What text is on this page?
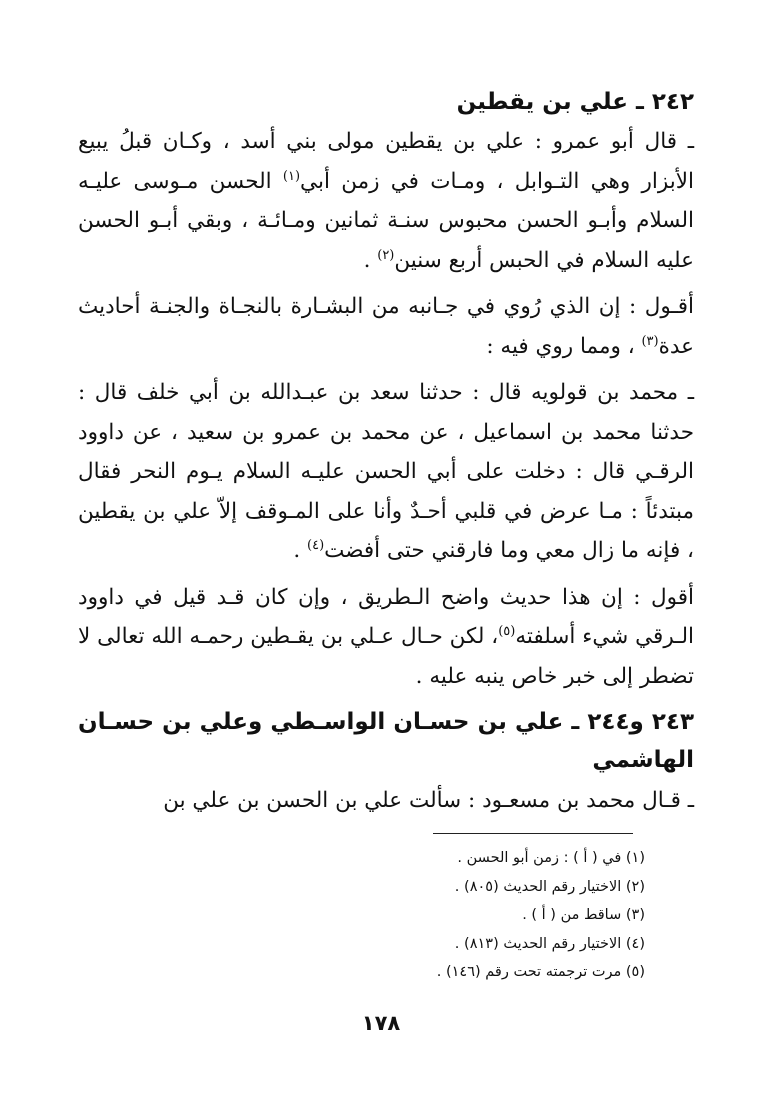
٢٤٢ ـ علي بن يقطين

ـ قال أبو عمرو : علي بن يقطين مولى بني أسد ، وكـان قبلُ يبيع الأبزار وهي التـوابل ، ومـات في زمن أبي$^{(١)}$ الحسن مـوسى عليـه السلام وأبـو الحسن محبوس سنـة ثمانين ومـائـة ، وبقي أبـو الحسن عليه السلام في الحبس أربع سنين$^{(٢)}$ .

أقـول : إن الذي رُوي في جـانبه من البشـارة بالنجـاة والجنـة أحاديث عدة$^{(٣)}$ ، ومما روي فيه :

ـ محمد بن قولويه قال : حدثنا سعد بن عبـدالله بن أبي خلف قال : حدثنا محمد بن اسماعيل ، عن محمد بن عمرو بن سعيد ، عن داوود الرقـي قال : دخلت على أبي الحسن عليـه السلام يـوم النحر فقال مبتدئاً : مـا عرض في قلبي أحـدٌ وأنا على المـوقف إلاّ علي بن يقطين ، فإنه ما زال معي وما فارقني حتى أفضت$^{(٤)}$ .

أقول : إن هذا حديث واضح الـطريق ، وإن كان قـد قيل في داوود الـرقي شيء أسلفته$^{(٥)}$، لكن حـال عـلي بن يقـطين رحمـه الله تعالى لا تضطر إلى خبر خاص ينبه عليه .

٢٤٣ و٢٤٤ ـ علي بن حسـان الواسـطي وعلي بن حسـان الهاشمي

ـ قـال محمد بن مسعـود : سألت علي بن الحسن بن علي بن

(١) في ( أ ) : زمن أبو الحسن .
(٢) الاختيار رقم الحديث (٨٠٥) .
(٣) ساقط من ( أ ) .
(٤) الاختيار رقم الحديث (٨١٣) .
(٥) مرت ترجمته تحت رقم (١٤٦) .
١٧٨
